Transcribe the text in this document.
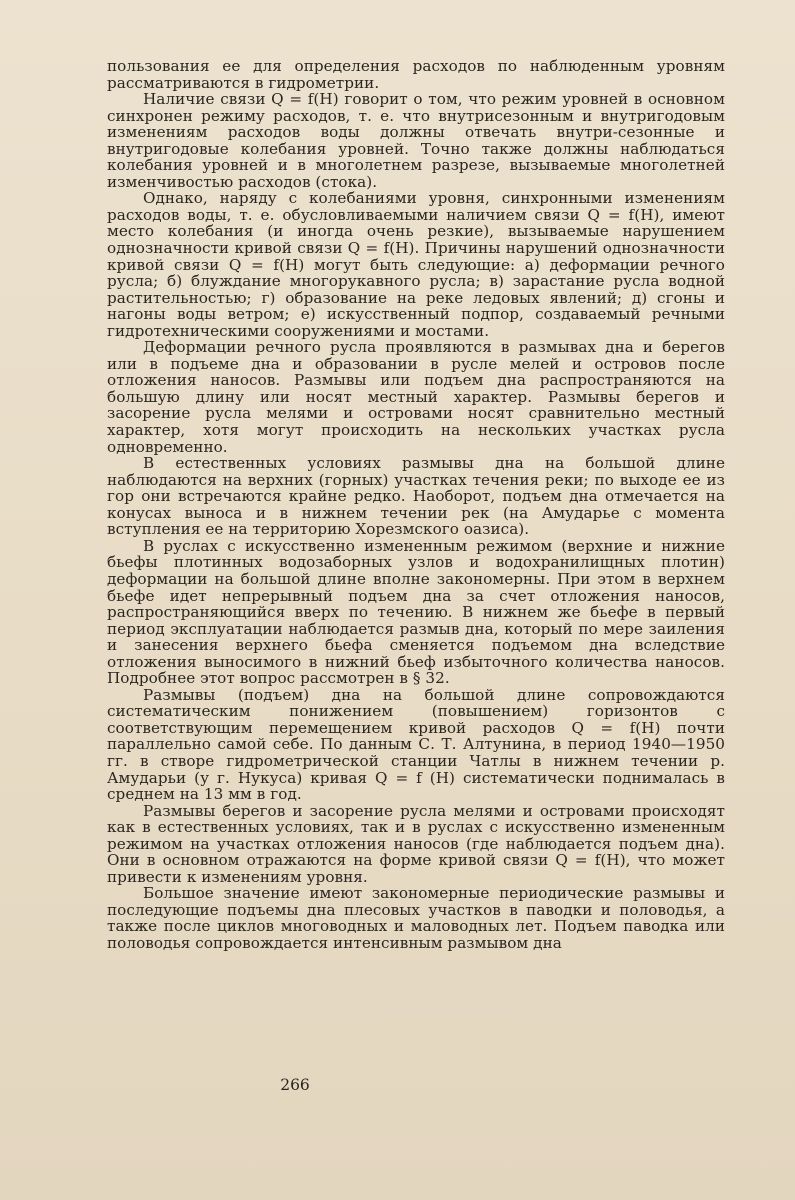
пользования ее для определения расходов по наблюденным уровням рассматриваются в гидрометрии.

Наличие связи Q = f(H) говорит о том, что режим уровней в основном синхронен режиму расходов, т. е. что внутрисезонным и внутригодовым изменениям расходов воды должны отвечать внутри-сезонные и внутригодовые колебания уровней. Точно также должны наблюдаться колебания уровней и в многолетнем разрезе, вызываемые многолетней изменчивостью расходов (стока).

Однако, наряду с колебаниями уровня, синхронными изменениям расходов воды, т. е. обусловливаемыми наличием связи Q = f(H), имеют место колебания (и иногда очень резкие), вызываемые нарушением однозначности кривой связи Q = f(H). Причины нарушений однозначности кривой связи Q = f(H) могут быть следующие: а) деформации речного русла; б) блуждание многорукавного русла; в) зарастание русла водной растительностью; г) образование на реке ледовых явлений; д) сгоны и нагоны воды ветром; е) искусственный подпор, создаваемый речными гидротехническими сооружениями и мостами.

Деформации речного русла проявляются в размывах дна и берегов или в подъеме дна и образовании в русле мелей и островов после отложения наносов. Размывы или подъем дна распространяются на большую длину или носят местный характер. Размывы берегов и засорение русла мелями и островами носят сравнительно местный характер, хотя могут происходить на нескольких участках русла одновременно.

В естественных условиях размывы дна на большой длине наблюдаются на верхних (горных) участках течения реки; по выходе ее из гор они встречаются крайне редко. Наоборот, подъем дна отмечается на конусах выноса и в нижнем течении рек (на Амударье с момента вступления ее на территорию Хорезмского оазиса).

В руслах с искусственно измененным режимом (верхние и нижние бьефы плотинных водозаборных узлов и водохранилищных плотин) деформации на большой длине вполне закономерны. При этом в верхнем бьефе идет непрерывный подъем дна за счет отложения наносов, распространяющийся вверх по течению. В нижнем же бьефе в первый период эксплуатации наблюдается размыв дна, который по мере заиления и занесения верхнего бьефа сменяется подъемом дна вследствие отложения выносимого в нижний бьеф избыточного количества наносов. Подробнее этот вопрос рассмотрен в § 32.

Размывы (подъем) дна на большой длине сопровождаются систематическим понижением (повышением) горизонтов с соответствующим перемещением кривой расходов Q = f(H) почти параллельно самой себе. По данным С. Т. Алтунина, в период 1940—1950 гг. в створе гидрометрической станции Чатлы в нижнем течении р. Амударьи (у г. Нукуса) кривая Q = f (H) систематически поднималась в среднем на 13 мм в год.

Размывы берегов и засорение русла мелями и островами происходят как в естественных условиях, так и в руслах с искусственно измененным режимом на участках отложения наносов (где наблюдается подъем дна). Они в основном отражаются на форме кривой связи Q = f(H), что может привести к изменениям уровня.

Большое значение имеют закономерные периодические размывы и последующие подъемы дна плесовых участков в паводки и половодья, а также после циклов многоводных и маловодных лет. Подъем паводка или половодья сопровождается интенсивным размывом дна

266
